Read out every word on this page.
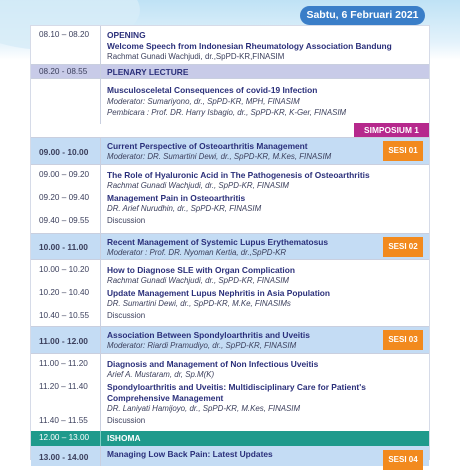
Sabtu, 6 Februari 2021
08.10 – 08.20 OPENING
Welcome Speech from Indonesian Rheumatology Association Bandung
Rachmat Gunadi Wachjudi, dr.,SpPD-KR,FINASIM
08.20 - 08.55 PLENARY LECTURE
Musculosceletal Consequences of covid-19 Infection
Moderator: Sumariyono, dr., SpPD-KR, MPH, FINASIM
Pembicara : Prof. DR. Harry Isbagio, dr., SpPD-KR, K-Ger, FINASIM
SIMPOSIUM 1
09.00 - 10.00
Current Perspective of Osteoarthritis Management
Moderator: DR. Sumartini Dewi, dr., SpPD-KR, M.Kes, FINASIM
SESI 01
09.00 – 09.20 The Role of Hyaluronic Acid in The Pathogenesis of Osteoarthritis
Rachmat Gunadi Wachjudi, dr., SpPD-KR, FINASIM
09.20 – 09.40 Management Pain in Osteoarthritis
DR. Arief Nurudhin, dr., SpPD-KR, FINASIM
09.40 – 09.55 Discussion
10.00 - 11.00 Recent Management of Systemic Lupus Erythematosus
Moderator : Prof. DR. Nyoman Kertia, dr.,SpPD-KR
SESI 02
10.00 – 10.20 How to Diagnose SLE with Organ Complication
Rachmat Gunadi Wachjudi, dr., SpPD-KR, FINASIM
10.20 – 10.40 Update Management Lupus Nephritis in Asia Population
DR. Sumartini Dewi, dr., SpPD-KR, M.Ke, FINASIMs
10.40 – 10.55 Discussion
11.00 - 12.00
Association Between Spondyloarthritis and Uveitis
Moderator: Riardi Pramudiyo, dr., SpPD-KR, FINASIM
SESI 03
11.00 – 11.20 Diagnosis and Management of Non Infectious Uveitis
Arief A. Mustaram, dr, Sp.M(K)
11.20 – 11.40 Spondyloarthritis and Uveitis: Multidisciplinary Care for Patient's
Comprehensive Management
DR. Laniyati Hamijoyo, dr., SpPD-KR, M.Kes, FINASIM
11.40 – 11.55 Discussion
12.00 – 13.00 ISHOMA
13.00 - 14.00 Managing Low Back Pain: Latest Updates
SESI 04
